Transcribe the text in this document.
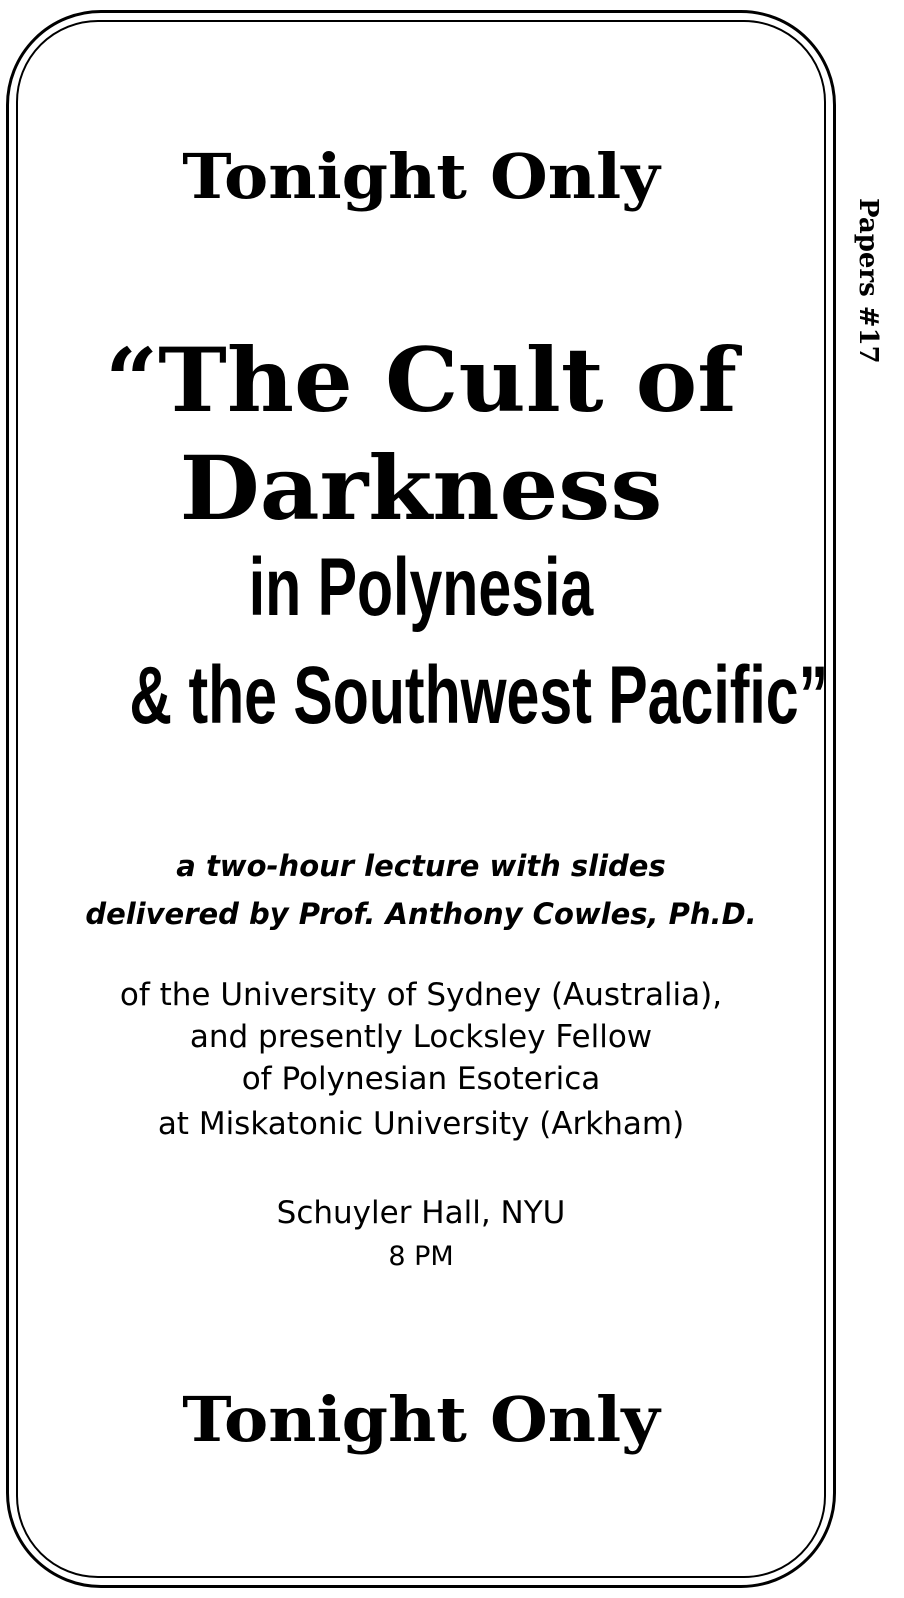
Papers #17
Tonight Only
“The Cult of
Darkness
in Polynesia
& the Southwest Pacific”
a two-hour lecture with slides
delivered by Prof. Anthony Cowles, Ph.D.
of the University of Sydney (Australia),
and presently Locksley Fellow
of Polynesian Esoterica
at Miskatonic University (Arkham)
Schuyler Hall, NYU
8 PM
Tonight Only
